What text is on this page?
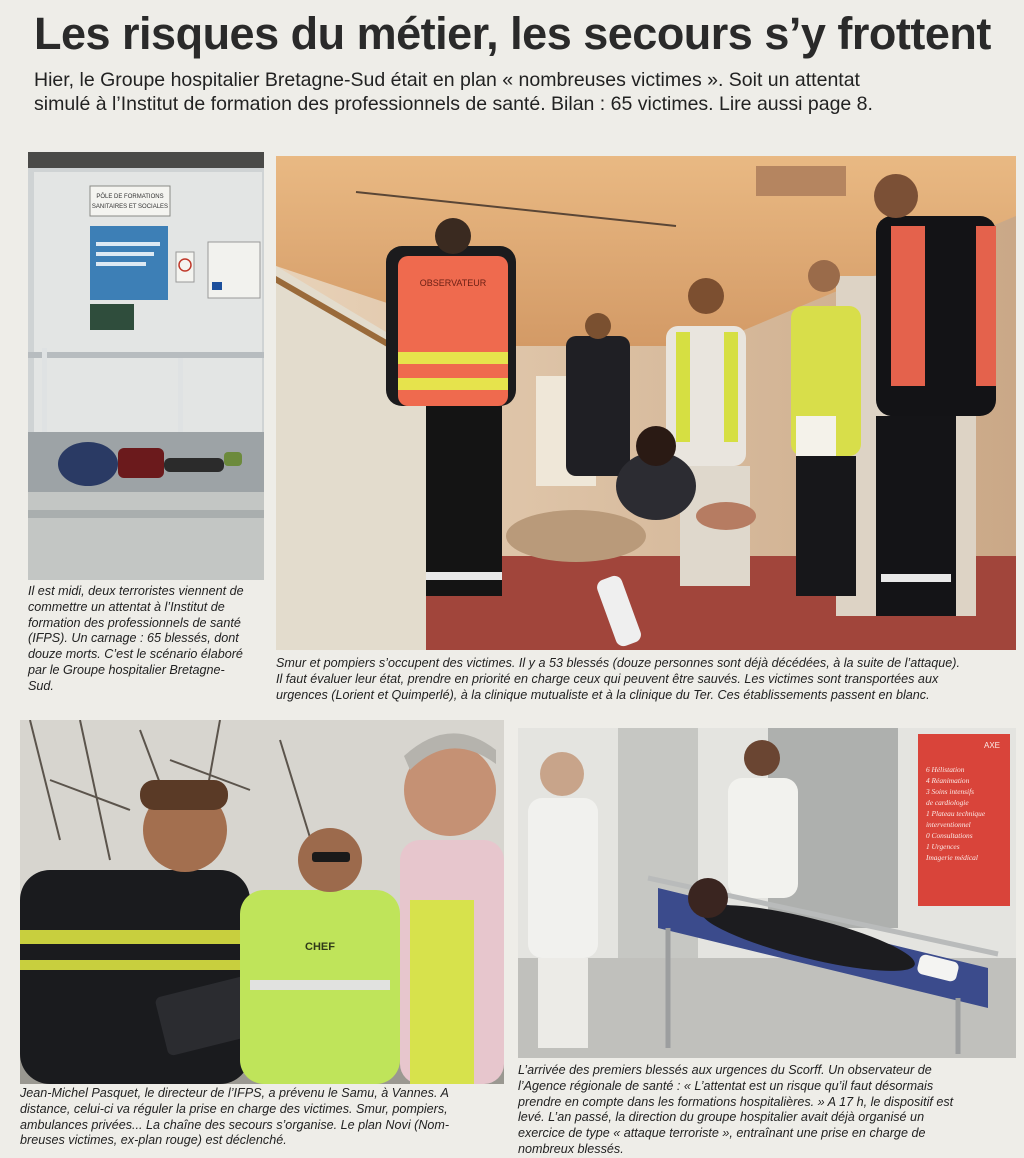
Les risques du métier, les secours s’y frottent
Hier, le Groupe hospitalier Bretagne-Sud était en plan « nombreuses victimes ». Soit un attentat
simulé à l’Institut de formation des professionnels de santé. Bilan : 65 victimes. Lire aussi page 8.
PÔLE DE FORMATIONS
SANITAIRES ET SOCIALES
OBSERVATEUR
CHEF
AXE
6 Hélistation
4 Réanimation
3 Soins intensifs
de cardiologie
1 Plateau technique
interventionnel
0 Consultations
1 Urgences
Imagerie médical
Il est midi, deux terroristes viennent de
commettre un attentat à l’Institut de
formation des professionnels de santé
(IFPS). Un carnage : 65 blessés, dont
douze morts. C’est le scénario élaboré
par le Groupe hospitalier Bretagne-
Sud.
Smur et pompiers s’occupent des victimes. Il y a 53 blessés (douze personnes sont déjà décédées, à la suite de l’attaque).
Il faut évaluer leur état, prendre en priorité en charge ceux qui peuvent être sauvés. Les victimes sont transportées aux
urgences (Lorient et Quimperlé), à la clinique mutualiste et à la clinique du Ter. Ces établissements passent en blanc.
Jean-Michel Pasquet, le directeur de l’IFPS, a prévenu le Samu, à Vannes. A
distance, celui-ci va réguler la prise en charge des victimes. Smur, pompiers,
ambulances privées... La chaîne des secours s’organise. Le plan Novi (Nom-
breuses victimes, ex-plan rouge) est déclenché.
L’arrivée des premiers blessés aux urgences du Scorff. Un observateur de
l’Agence régionale de santé : « L’attentat est un risque qu’il faut désormais
prendre en compte dans les formations hospitalières. » A 17 h, le dispositif est
levé. L’an passé, la direction du groupe hospitalier avait déjà organisé un
exercice de type « attaque terroriste », entraînant une prise en charge de
nombreux blessés.
